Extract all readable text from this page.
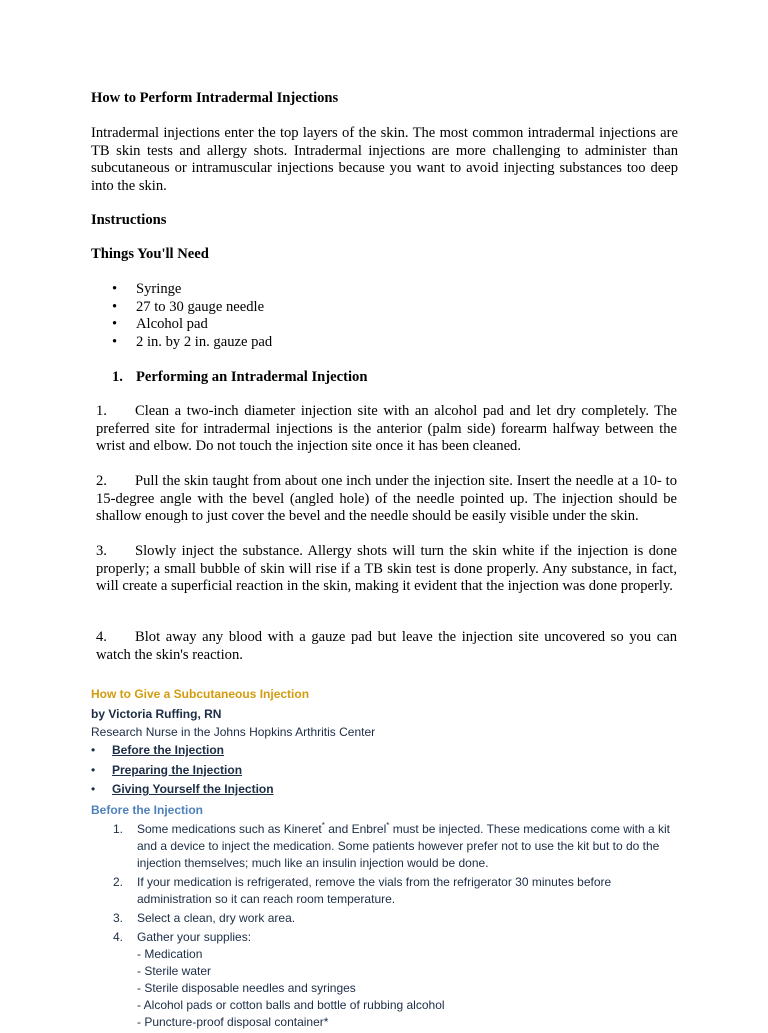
How to Perform Intradermal Injections
Intradermal injections enter the top layers of the skin. The most common intradermal injections are TB skin tests and allergy shots. Intradermal injections are more challenging to administer than subcutaneous or intramuscular injections because you want to avoid injecting substances too deep into the skin.
Instructions
Things You'll Need
• Syringe
• 27 to 30 gauge needle
• Alcohol pad
• 2 in. by 2 in. gauze pad
1. Performing an Intradermal Injection
1. Clean a two-inch diameter injection site with an alcohol pad and let dry completely. The preferred site for intradermal injections is the anterior (palm side) forearm halfway between the wrist and elbow. Do not touch the injection site once it has been cleaned.
2. Pull the skin taught from about one inch under the injection site. Insert the needle at a 10- to 15-degree angle with the bevel (angled hole) of the needle pointed up. The injection should be shallow enough to just cover the bevel and the needle should be easily visible under the skin.
3. Slowly inject the substance. Allergy shots will turn the skin white if the injection is done properly; a small bubble of skin will rise if a TB skin test is done properly. Any substance, in fact, will create a superficial reaction in the skin, making it evident that the injection was done properly.
4. Blot away any blood with a gauze pad but leave the injection site uncovered so you can watch the skin's reaction.
How to Give a Subcutaneous Injection
by Victoria Ruffing, RN
Research Nurse in the Johns Hopkins Arthritis Center
• Before the Injection
• Preparing the Injection
• Giving Yourself the Injection
Before the Injection
1. Some medications such as Kineret* and Enbrel* must be injected. These medications come with a kit and a device to inject the medication. Some patients however prefer not to use the kit but to do the injection themselves; much like an insulin injection would be done.
2. If your medication is refrigerated, remove the vials from the refrigerator 30 minutes before administration so it can reach room temperature.
3. Select a clean, dry work area.
4. Gather your supplies:
- Medication
- Sterile water
- Sterile disposable needles and syringes
- Alcohol pads or cotton balls and bottle of rubbing alcohol
- Puncture-proof disposal container*
